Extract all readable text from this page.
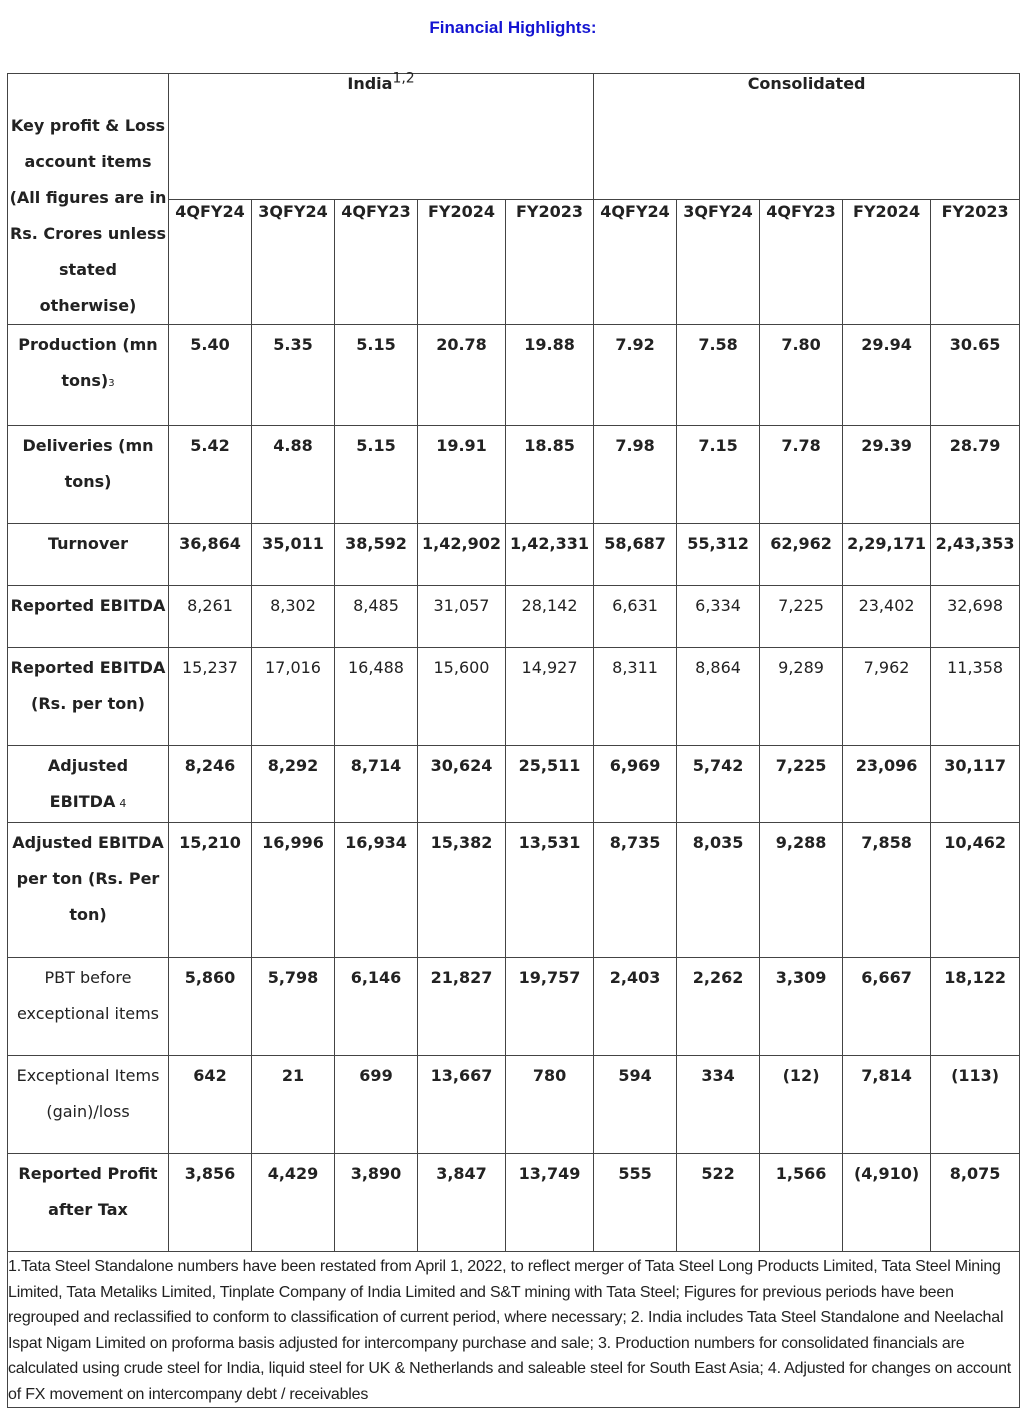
Financial Highlights:
Key profit & Loss account items (All figures are in Rs. Crores unless stated otherwise)	India$^{1,2}$					Consolidated				
	4QFY24	3QFY24	4QFY23	FY2024	FY2023	4QFY24	3QFY24	4QFY23	FY2024	FY2023

Production (mn tons)3	5.40	5.35	5.15	20.78	19.88	7.92	7.58	7.80	29.94	30.65

Deliveries (mn tons)	5.42	4.88	5.15	19.91	18.85	7.98	7.15	7.78	29.39	28.79

Turnover	36,864	35,011	38,592	1,42,902	1,42,331	58,687	55,312	62,962	2,29,171	2,43,353

Reported EBITDA	8,261	8,302	8,485	31,057	28,142	6,631	6,334	7,225	23,402	32,698

Reported EBITDA (Rs. per ton)	15,237	17,016	16,488	15,600	14,927	8,311	8,864	9,289	7,962	11,358

Adjusted EBITDA 4	8,246	8,292	8,714	30,624	25,511	6,969	5,742	7,225	23,096	30,117

Adjusted EBITDA per ton (Rs. Per ton)	15,210	16,996	16,934	15,382	13,531	8,735	8,035	9,288	7,858	10,462

PBT before exceptional items	5,860	5,798	6,146	21,827	19,757	2,403	2,262	3,309	6,667	18,122

Exceptional Items (gain)/loss	642	21	699	13,667	780	594	334	(12)	7,814	(113)

Reported Profit after Tax	3,856	4,429	3,890	3,847	13,749	555	522	1,566	(4,910)	8,075
1.Tata Steel Standalone numbers have been restated from April 1, 2022, to reflect merger of Tata Steel Long Products Limited, Tata Steel Mining Limited, Tata Metaliks Limited, Tinplate Company of India Limited and S&T mining with Tata Steel; Figures for previous periods have been regrouped and reclassified to conform to classification of current period, where necessary; 2. India includes Tata Steel Standalone and Neelachal Ispat Nigam Limited on proforma basis adjusted for intercompany purchase and sale; 3. Production numbers for consolidated financials are calculated using crude steel for India, liquid steel for UK & Netherlands and saleable steel for South East Asia; 4. Adjusted for changes on account of FX movement on intercompany debt / receivables										
